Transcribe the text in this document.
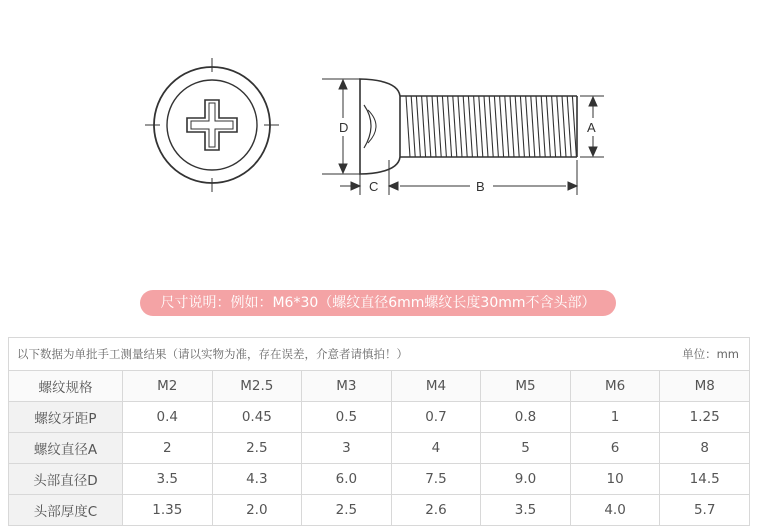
D	A
C	B
尺寸说明：例如：M6*30（螺纹直径6mm螺纹长度30mm不含头部）
以下数据为单批手工测量结果（请以实物为准，存在误差，介意者请慎拍！）						单位：mm	
螺纹规格	M2	M2.5	M3	M4	M5	M6	M8
螺纹牙距P	0.4	0.45	0.5	0.7	0.8	1	1.25
螺纹直径A	2	2.5	3	4	5	6	8
头部直径D	3.5	4.3	6.0	7.5	9.0	10	14.5
头部厚度C	1.35	2.0	2.5	2.6	3.5	4.0	5.7
